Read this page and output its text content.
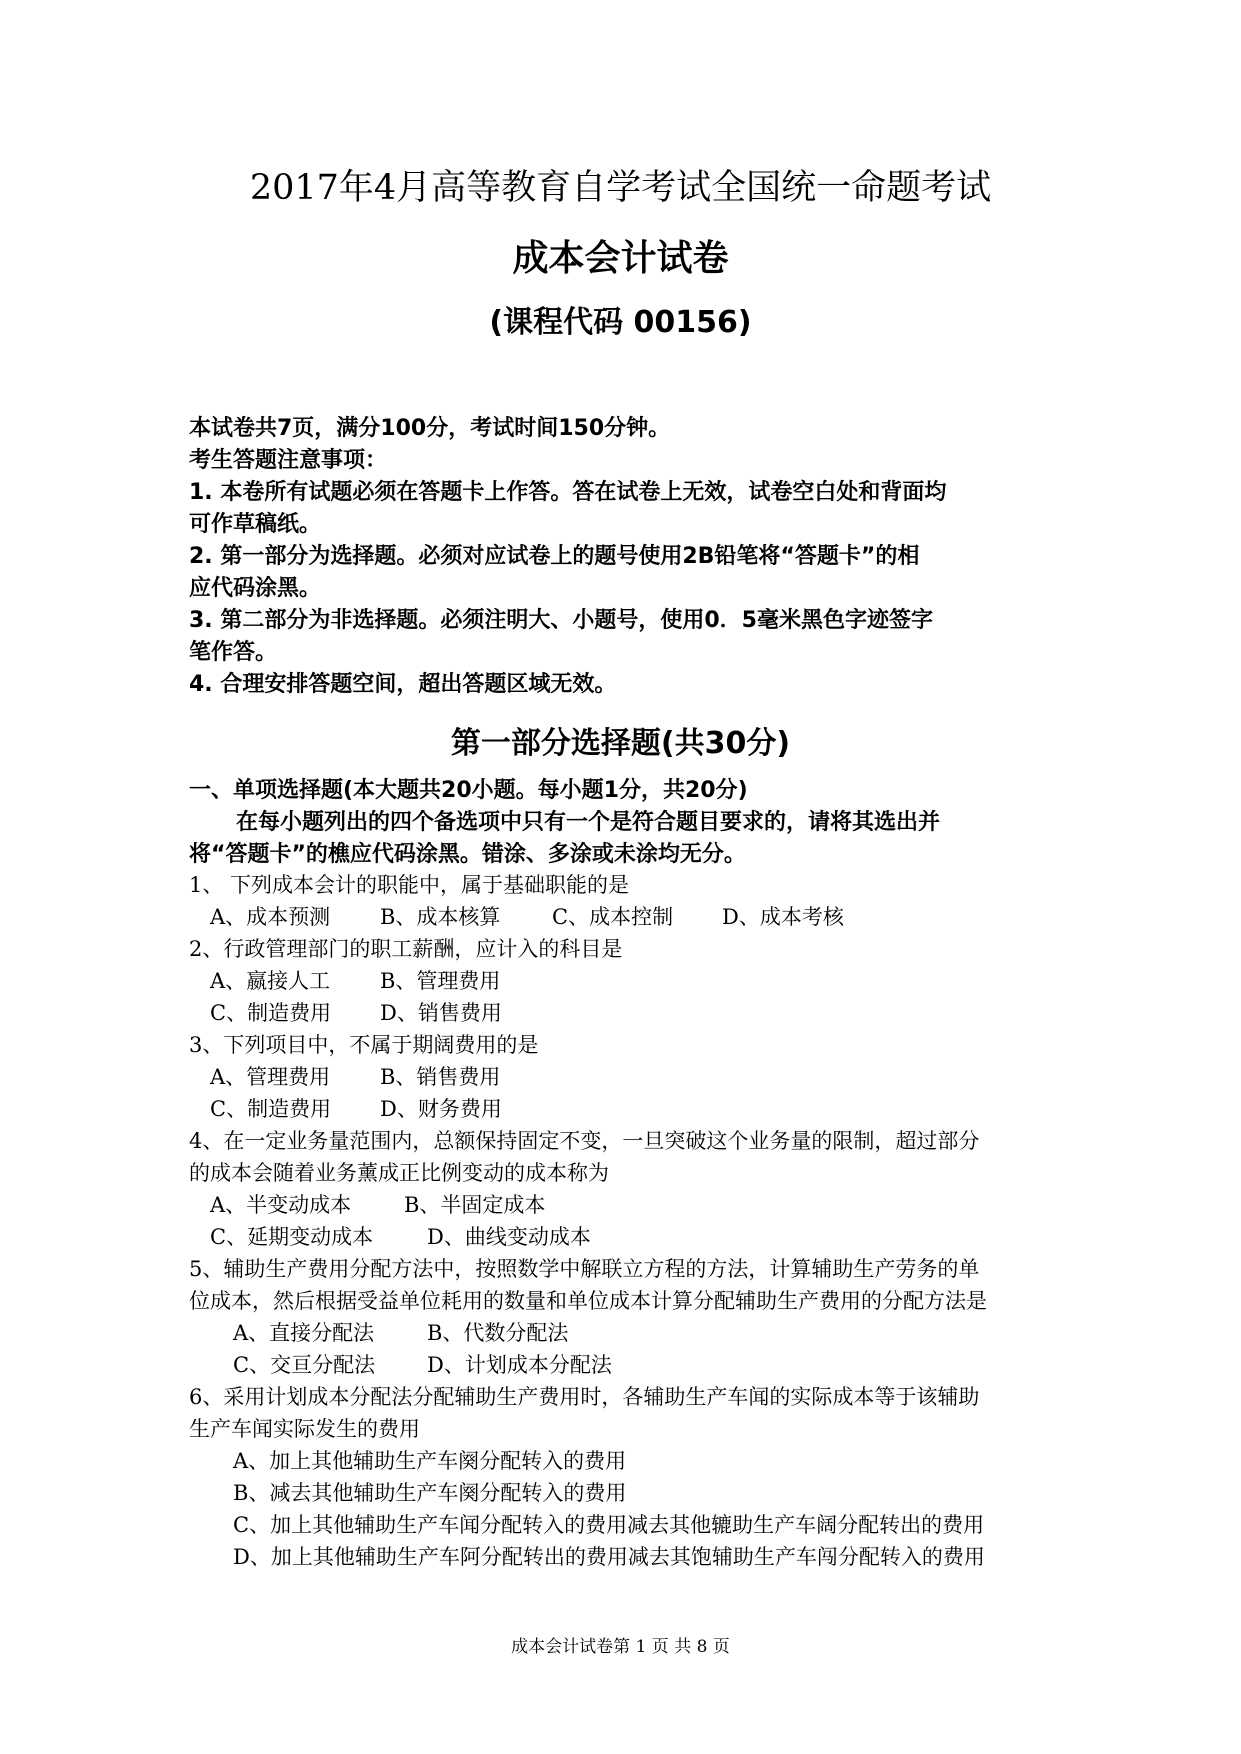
2017年4月高等教育自学考试全国统一命题考试
成本会计试卷
(课程代码 00156)
本试卷共7页，满分100分，考试时间150分钟。
考生答题注意事项：
1. 本卷所有试题必须在答题卡上作答。答在试卷上无效，试卷空白处和背面均
可作草稿纸。
2. 第一部分为选择题。必须对应试卷上的题号使用2B铅笔将“答题卡”的相
应代码涂黑。
3. 第二部分为非选择题。必须注明大、小题号，使用0．5毫米黑色字迹签字
笔作答。
4. 合理安排答题空间，超出答题区域无效。
第一部分选择题(共30分)
一、单项选择题(本大题共20小题。每小题1分，共20分)
在每小题列出的四个备选项中只有一个是符合题目要求的，请将其选出并
将“答题卡”的樵应代码涂黑。错涂、多涂或未涂均无分。
1、 下列成本会计的职能中，属于基础职能的是
A、成本预测 B、成本核算 C、成本控制 D、成本考核
2、行政管理部门的职工薪酬，应计入的科目是
A、嬴接人工 B、管理费用
C、制造费用 D、销售费用
3、下列项目中，不属于期阔费用的是
A、管理费用 B、销售费用
C、制造费用 D、财务费用
4、在一定业务量范围内，总额保持固定不变，一旦突破这个业务量的限制，超过部分
的成本会随着业务薰成正比例变动的成本称为
A、半变动成本	B、半固定成本
C、延期变动成本	D、曲线变动成本
5、辅助生产费用分配方法中，按照数学中解联立方程的方法，计算辅助生产劳务的单
位成本，然后根据受益单位耗用的数量和单位成本计算分配辅助生产费用的分配方法是
A、直接分配法	B、代数分配法
C、交亘分配法 D、计划成本分配法
6、采用计划成本分配法分配辅助生产费用时，各辅助生产车闻的实际成本等于该辅助
生产车闻实际发生的费用
A、加上其他辅助生产车阕分配转入的费用
B、减去其他辅助生产车阕分配转入的费用
C、加上其他辅助生产车闻分配转入的费用减去其他辘助生产车阔分配转出的费用
D、加上其他辅助生产车阿分配转出的费用减去其饱辅助生产车闯分配转入的费用
成本会计试卷第 1 页 共 8 页
